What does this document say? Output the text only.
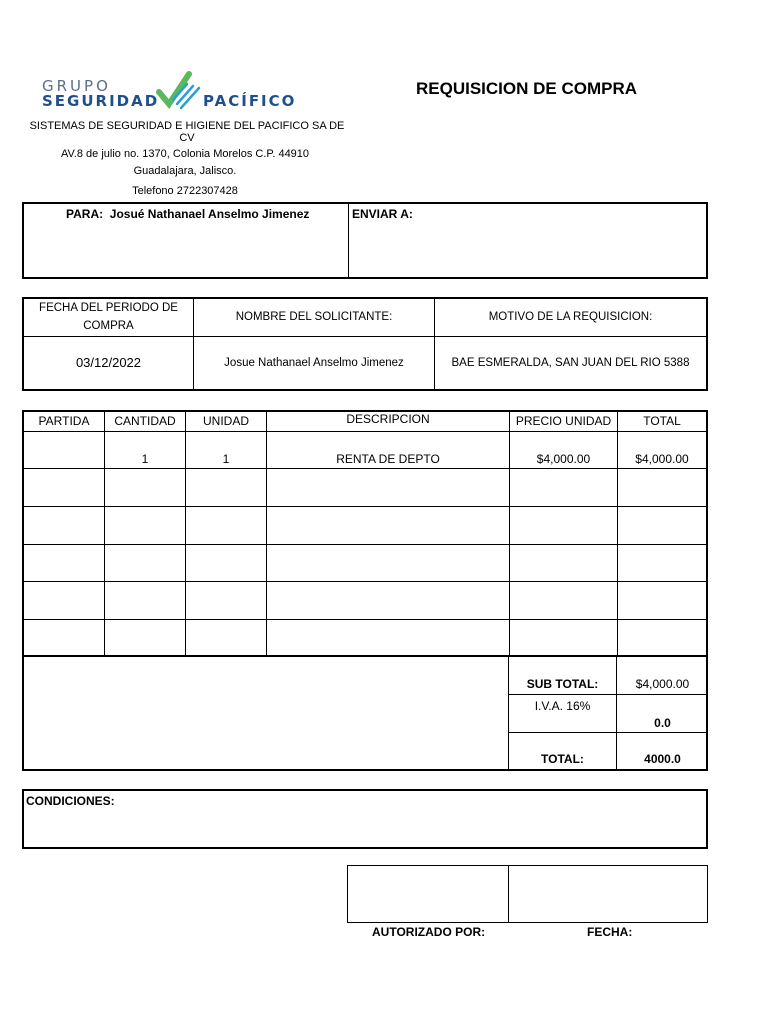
GRUPO
SEGURIDAD	PACÍFICO
REQUISICION DE COMPRA
SISTEMAS DE SEGURIDAD E HIGIENE DEL PACIFICO SA DE CV
AV.8 de julio no. 1370, Colonia Morelos C.P. 44910
Guadalajara, Jalisco.
Telefono 2722307428
PARA: Josué Nathanael Anselmo Jimenez	ENVIAR A:
FECHA DEL PERIODO DE COMPRA	NOMBRE DEL SOLICITANTE:	MOTIVO DE LA REQUISICION:
03/12/2022	Josue Nathanael Anselmo Jimenez	BAE ESMERALDA, SAN JUAN DEL RIO 5388
PARTIDA	CANTIDAD	UNIDAD	DESCRIPCION	PRECIO UNIDAD	TOTAL
	1	1	RENTA DE DEPTO	$4,000.00	$4,000.00

SUB TOTAL:	$4,000.00
I.V.A. 16%	0.0
TOTAL:	4000.0
CONDICIONES:
AUTORIZADO POR:	FECHA:
